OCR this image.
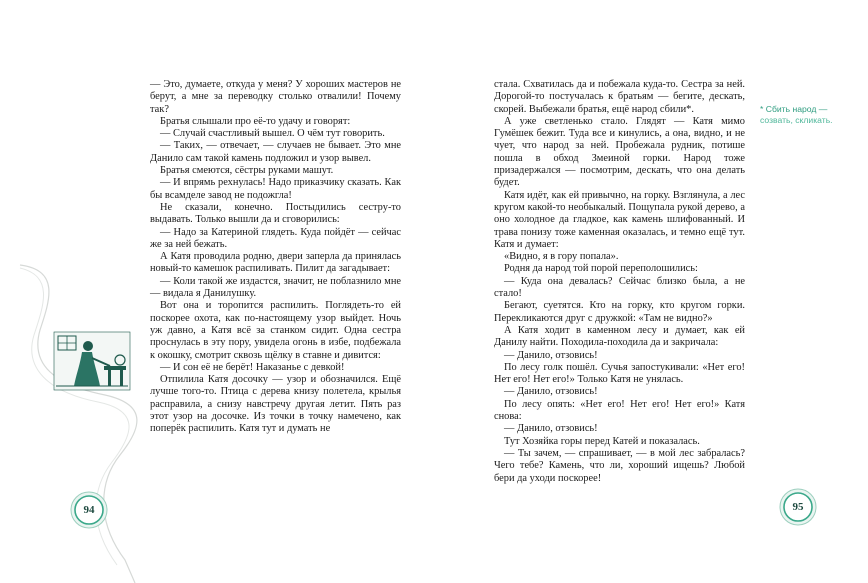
— Это, думаете, откуда у меня? У хороших мастеров не берут, а мне за переводку столько отвалили! Почему так?

Братья слышали про её-то удачу и говорят:

— Случай счастливый вышел. О чём тут говорить.

— Таких, — отвечает, — случаев не бывает. Это мне Данило сам такой камень подложил и узор вывел.

Братья смеются, сёстры руками машут.

— И впрямь рехнулась! Надо приказчику сказать. Как бы всамделе завод не подожгла!

Не сказали, конечно. Постыдились сестру-то выдавать. Только вышли да и сговорились:

— Надо за Катериной глядеть. Куда пойдёт — сейчас же за ней бежать.

А Катя проводила родню, двери заперла да принялась новый-то камешок распиливать. Пилит да загадывает:

— Коли такой же издастся, значит, не поблазнило мне — видала я Данилушку.

Вот она и торопится распилить. Поглядеть-то ей поскорее охота, как по-настоящему узор выйдет. Ночь уж давно, а Катя всё за станком сидит. Одна сестра проснулась в эту пору, увидела огонь в избе, подбежала к окошку, смотрит сквозь щёлку в ставне и дивится:

— И сон её не берёт! Наказанье с девкой!

Отпилила Катя досочку — узор и обозначился. Ещё лучше того-то. Птица с дерева книзу полетела, крылья расправила, а снизу навстречу другая летит. Пять раз этот узор на досочке. Из точки в точку намечено, как поперёк распилить. Катя тут и думать не

стала. Схватилась да и побежала куда-то. Сестра за ней. Дорогой-то постучалась к братьям — бегите, дескать, скорей. Выбежали братья, ещё народ сбили*.

А уже светленько стало. Глядят — Катя мимо Гумёшек бежит. Туда все и кинулись, а она, видно, и не чует, что народ за ней. Пробежала рудник, потише пошла в обход Змеиной горки. Народ тоже призадержался — посмотрим, дескать, что она делать будет.

Катя идёт, как ей привычно, на горку. Взглянула, а лес кругом какой-то необыкалый. Пощупала рукой дерево, а оно холодное да гладкое, как камень шлифованный. И трава понизу тоже каменная оказалась, и темно ещё тут. Катя и думает:

«Видно, я в гору попала».

Родня да народ той порой переполошились:

— Куда она девалась? Сейчас близко была, а не стало!

Бегают, суетятся. Кто на горку, кто кругом горки. Перекликаются друг с дружкой: «Там не видно?»

А Катя ходит в каменном лесу и думает, как ей Данилу найти. Походила-походила да и закричала:

— Данило, отзовись!

По лесу голк пошёл. Сучья запостукивали: «Нет его! Нет его! Нет его!» Только Катя не унялась.

— Данило, отзовись!

По лесу опять: «Нет его! Нет его! Нет его!» Катя снова:

— Данило, отзовись!

Тут Хозяйка горы перед Катей и показалась.

— Ты зачем, — спрашивает, — в мой лес забралась? Чего тебе? Камень, что ли, хороший ищешь? Любой бери да уходи поскорее!

* Сбить народ —
созвать, скликать.
94	95
